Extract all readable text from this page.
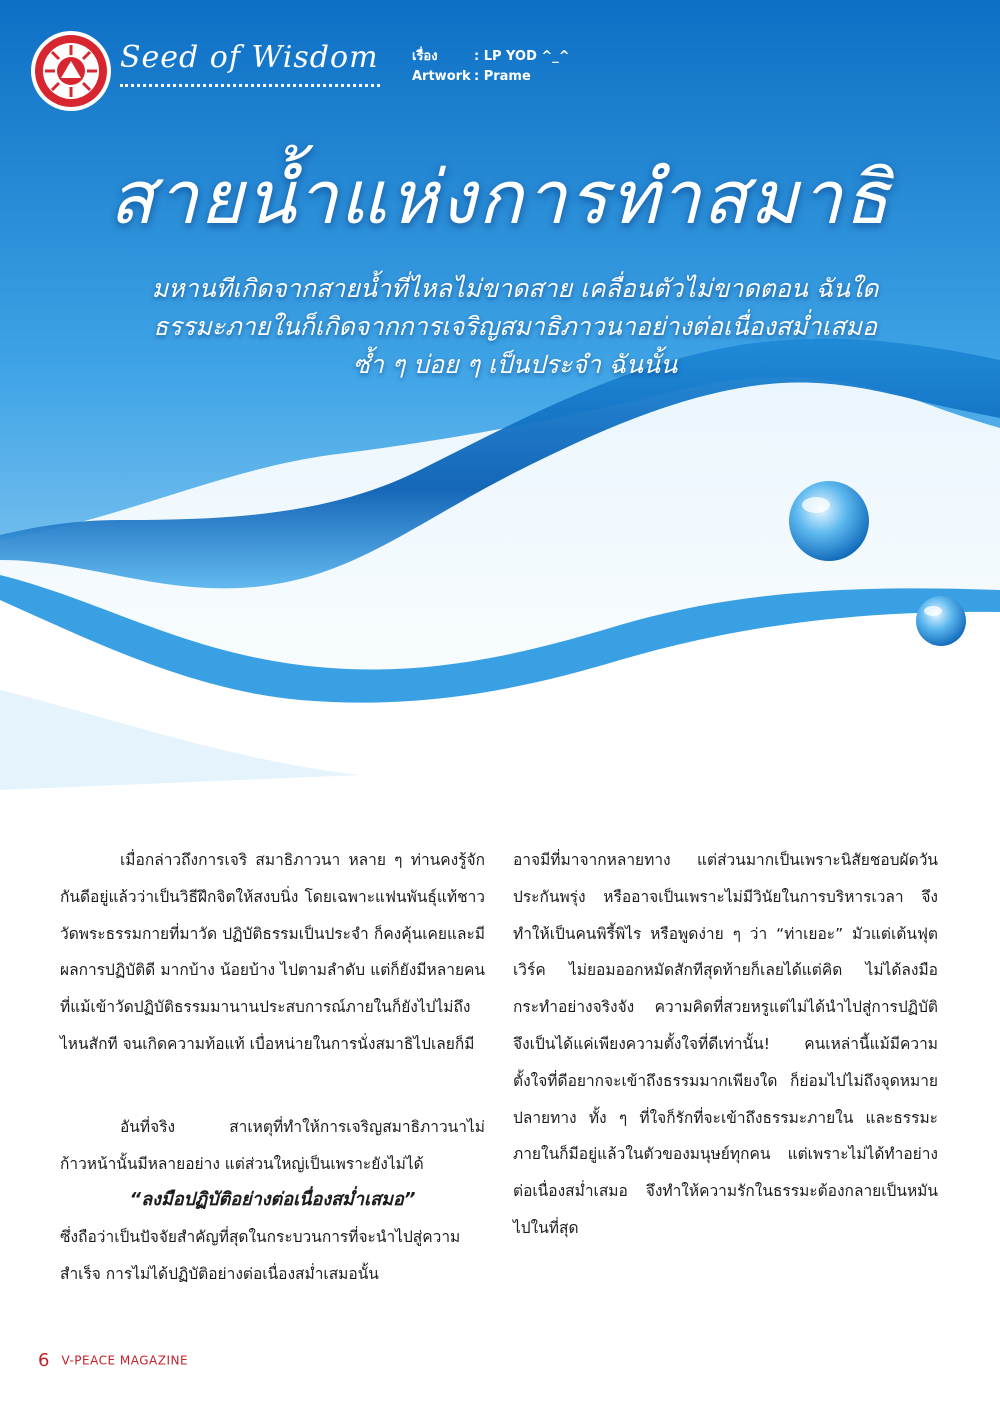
Seed of Wisdom	เรื่อง	: LP YOD ^_^
Artwork : Prame
สายน้ำแห่งการทำสมาธิ
มหานทีเกิดจากสายน้ำที่ไหลไม่ขาดสาย เคลื่อนตัวไม่ขาดตอน ฉันใด
ธรรมะภายในก็เกิดจากการเจริญสมาธิภาวนาอย่างต่อเนื่องสม่ำเสมอ
ซ้ำ ๆ บ่อย ๆ เป็นประจำ ฉันนั้น

เมื่อกล่าวถึงการเจริ สมาธิภาวนา หลาย ๆ ท่านคงรู้จักกันดีอยู่แล้วว่าเป็นวิธีฝึกจิตให้สงบนิ่ง โดยเฉพาะแฟนพันธุ์แท้ชาววัดพระธรรมกายที่มาวัด ปฏิบัติธรรมเป็นประจำ ก็คงคุ้นเคยและมีผลการปฏิบัติดี มากบ้าง น้อยบ้าง ไปตามลำดับ แต่ก็ยังมีหลายคนที่แม้เข้าวัดปฏิบัติธรรมมานานประสบการณ์ภายในก็ยังไปไม่ถึงไหนสักที จนเกิดความท้อแท้ เบื่อหน่ายในการนั่งสมาธิไปเลยก็มี

อันที่จริง สาเหตุที่ทำให้การเจริญสมาธิภาวนาไม่ก้าวหน้านั้นมีหลายอย่าง แต่ส่วนใหญ่เป็นเพราะยังไม่ได้

“ลงมือปฏิบัติอย่างต่อเนื่องสม่ำเสมอ”

ซึ่งถือว่าเป็นปัจจัยสำคัญที่สุดในกระบวนการที่จะนำไปสู่ความสำเร็จ การไม่ได้ปฏิบัติอย่างต่อเนื่องสม่ำเสมอนั้น

อาจมีที่มาจากหลายทาง แต่ส่วนมากเป็นเพราะนิสัยชอบผัดวันประกันพรุ่ง หรืออาจเป็นเพราะไม่มีวินัยในการบริหารเวลา จึงทำให้เป็นคนพิรี้พิไร หรือพูดง่าย ๆ ว่า “ท่าเยอะ” มัวแต่เต้นฟุตเวิร์ค ไม่ยอมออกหมัดสักทีสุดท้ายก็เลยได้แต่คิด ไม่ได้ลงมือกระทำอย่างจริงจัง ความคิดที่สวยหรูแต่ไม่ได้นำไปสู่การปฏิบัติ จึงเป็นได้แค่เพียงความตั้งใจที่ดีเท่านั้น! คนเหล่านี้แม้มีความตั้งใจที่ดีอยากจะเข้าถึงธรรมมากเพียงใด ก็ย่อมไปไม่ถึงจุดหมายปลายทาง ทั้ง ๆ ที่ใจก็รักที่จะเข้าถึงธรรมะภายใน และธรรมะภายในก็มีอยู่แล้วในตัวของมนุษย์ทุกคน แต่เพราะไม่ได้ทำอย่างต่อเนื่องสม่ำเสมอ จึงทำให้ความรักในธรรมะต้องกลายเป็นหมันไปในที่สุด

6 V-PEACE MAGAZINE
